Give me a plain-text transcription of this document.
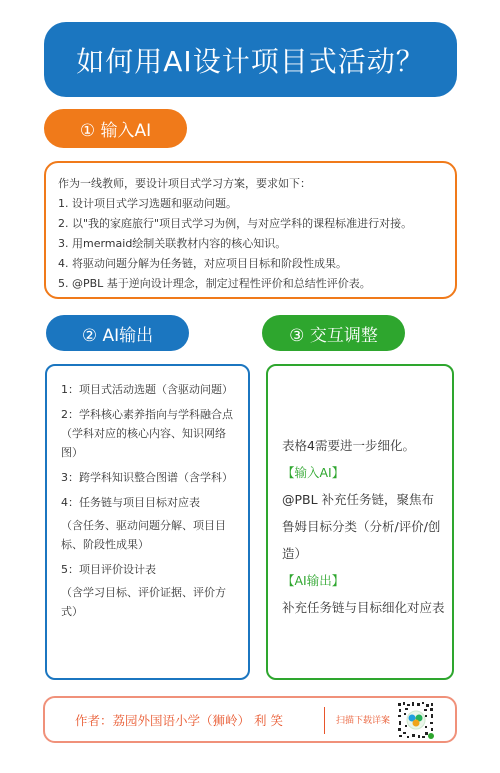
如何用AI设计项目式活动？
① 输入AI
作为一线教师，要设计项目式学习方案，要求如下：
1. 设计项目式学习选题和驱动问题。
2. 以"我的家庭旅行"项目式学习为例，与对应学科的课程标准进行对接。
3. 用mermaid绘制关联教材内容的核心知识。
4. 将驱动问题分解为任务链，对应项目目标和阶段性成果。
5. @PBL 基于逆向设计理念，制定过程性评价和总结性评价表。
② AI输出	③ 交互调整
1：项目式活动选题（含驱动问题）
2：学科核心素养指向与学科融合点（学科对应的核心内容、知识网络图）
3：跨学科知识整合图谱（含学科）
4：任务链与项目目标对应表
（含任务、驱动问题分解、项目目标、阶段性成果）
5：项目评价设计表
（含学习目标、评价证据、评价方式）
表格4需要进一步细化。
【输入AI】
@PBL 补充任务链，聚焦布鲁姆目标分类（分析/评价/创造）
【AI输出】
补充任务链与目标细化对应表
作者：荔园外国语小学（狮岭） 利 笑	扫描下载详案
